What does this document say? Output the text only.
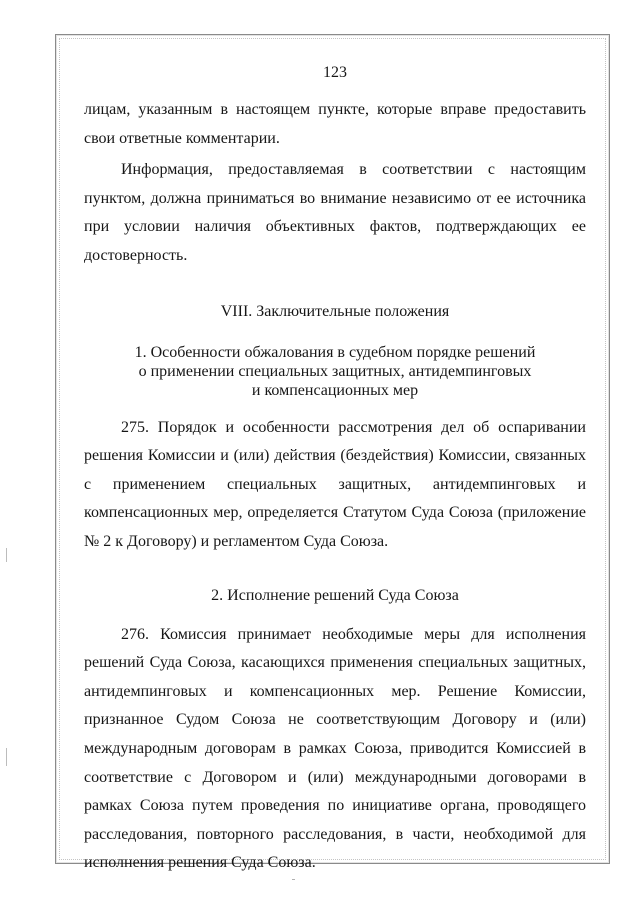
123

лицам, указанным в настоящем пункте, которые вправе предоставить свои ответные комментарии.

Информация, предоставляемая в соответствии с настоящим пунктом, должна приниматься во внимание независимо от ее источника при условии наличия объективных фактов, подтверждающих ее достоверность.

VIII. Заключительные положения
1. Особенности обжалования в судебном порядке решений
о применении специальных защитных, антидемпинговых
и компенсационных мер

275. Порядок и особенности рассмотрения дел об оспаривании решения Комиссии и (или) действия (бездействия) Комиссии, связанных с применением специальных защитных, антидемпинговых и компенсационных мер, определяется Статутом Суда Союза (приложение № 2 к Договору) и регламентом Суда Союза.

2. Исполнение решений Суда Союза

276. Комиссия принимает необходимые меры для исполнения решений Суда Союза, касающихся применения специальных защитных, антидемпинговых и компенсационных мер. Решение Комиссии, признанное Судом Союза не соответствующим Договору и (или) международным договорам в рамках Союза, приводится Комиссией в соответствие с Договором и (или) международными договорами в рамках Союза путем проведения по инициативе органа, проводящего расследования, повторного расследования, в части, необходимой для исполнения решения Суда Союза.
